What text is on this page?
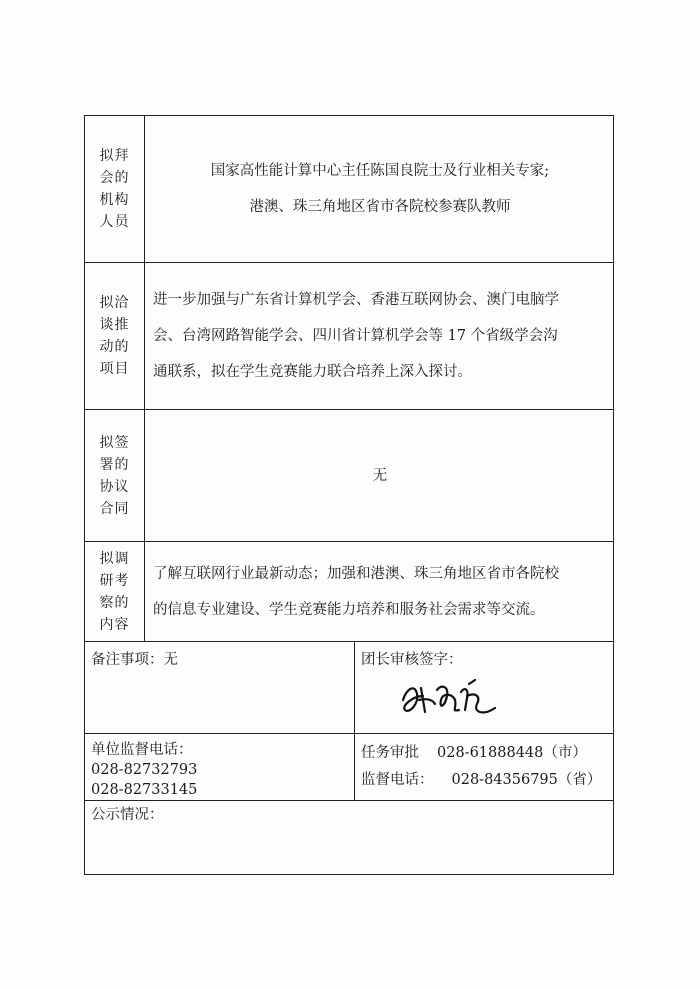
拟拜会的机构人员

国家高性能计算中心主任陈国良院士及行业相关专家;

港澳、珠三角地区省市各院校参赛队教师

拟洽谈推动的项目

进一步加强与广东省计算机学会、香港互联网协会、澳门电脑学

会、台湾网路智能学会、四川省计算机学会等 17 个省级学会沟

通联系，拟在学生竞赛能力联合培养上深入探讨。

拟签署的协议合同

无

拟调研考察的内容

了解互联网行业最新动态；加强和港澳、珠三角地区省市各院校

的信息专业建设、学生竞赛能力培养和服务社会需求等交流。

备注事项：无	团长审核签字：

单位监督电话：

028-82732793

028-82733145

任务审批 028-61888448（市）
监督电话： 028-84356795（省）

公示情况：
